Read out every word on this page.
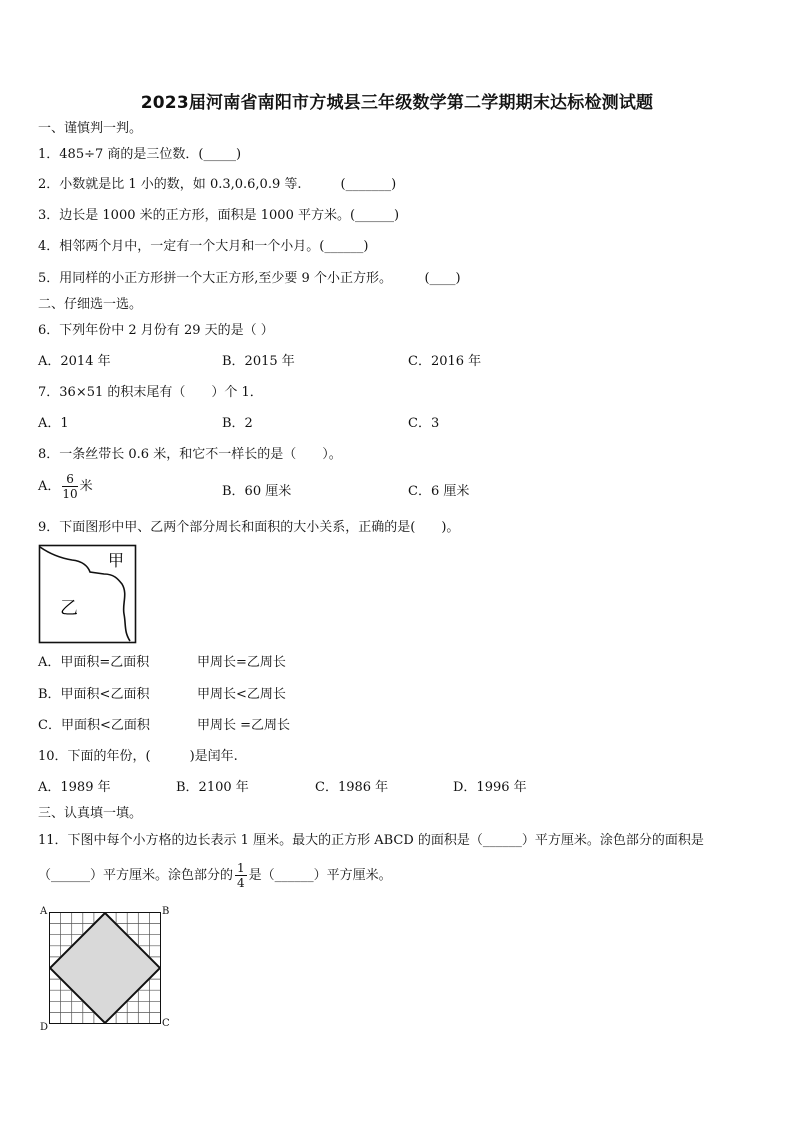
2023届河南省南阳市方城县三年级数学第二学期期末达标检测试题
一、谨慎判一判。
1．485÷7 商的是三位数．(_____)
2．小数就是比 1 小的数，如 0.3,0.6,0.9 等.　　　(_______)
3．边长是 1000 米的正方形，面积是 1000 平方米。(______)
4．相邻两个月中，一定有一个大月和一个小月。(______)
5．用同样的小正方形拼一个大正方形,至少要 9 个小正方形。　　　(____)
二、仔细选一选。
6．下列年份中 2 月份有 29 天的是（ ）
A．2014 年	B．2015 年	C．2016 年
7．36×51 的积末尾有（　　）个 1．
A．1	B．2	C．3
8．一条丝带长 0.6 米，和它不一样长的是（　　）。
A． $\frac{6}{10}$ 米	B．60 厘米	C．6 厘米
9．下面图形中甲、乙两个部分周长和面积的大小关系，正确的是(　　)。
甲
乙
A．甲面积=乙面积	甲周长=乙周长
B．甲面积<乙面积	甲周长<乙周长
C．甲面积<乙面积	甲周长 =乙周长
10．下面的年份，(　　　)是闰年.
A．1989 年	B．2100 年	C．1986 年	D．1996 年
三、认真填一填。
11．下图中每个小方格的边长表示 1 厘米。最大的正方形 ABCD 的面积是（______）平方厘米。涂色部分的面积是
（______）平方厘米。涂色部分的 $\frac{1}{4}$ 是（______）平方厘米。
A	B
C
D
